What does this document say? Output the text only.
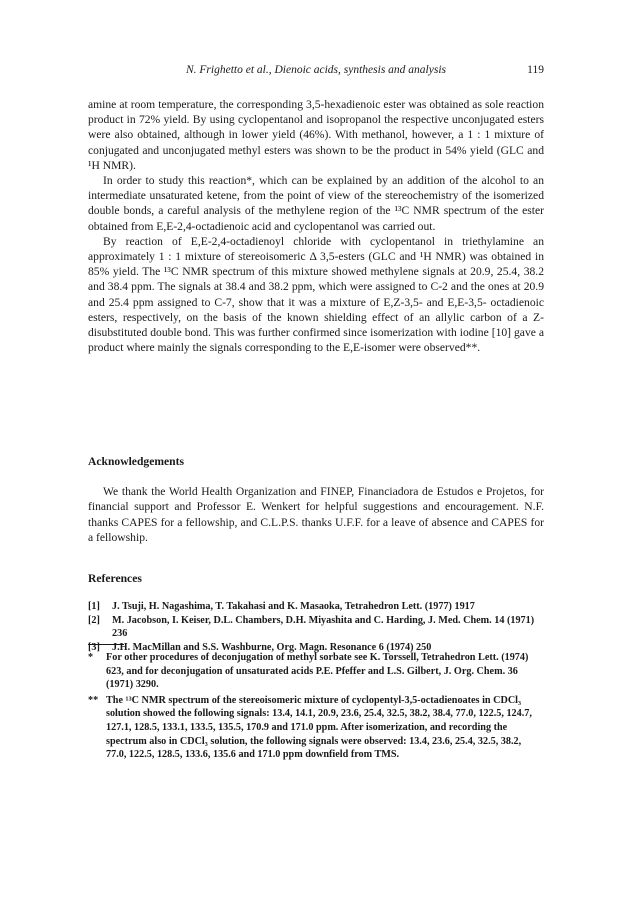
N. Frighetto et al., Dienoic acids, synthesis and analysis	119

amine at room temperature, the corresponding 3,5-hexadienoic ester was obtained as sole reaction product in 72% yield. By using cyclopentanol and isopropanol the respective unconjugated esters were also obtained, although in lower yield (46%). With methanol, however, a 1 : 1 mixture of conjugated and unconjugated methyl esters was shown to be the product in 54% yield (GLC and ¹H NMR).

In order to study this reaction*, which can be explained by an addition of the alcohol to an intermediate unsaturated ketene, from the point of view of the stereochemistry of the isomerized double bonds, a careful analysis of the methylene region of the ¹³C NMR spectrum of the ester obtained from E,E-2,4-octadienoic acid and cyclopentanol was carried out.

By reaction of E,E-2,4-octadienoyl chloride with cyclopentanol in triethylamine an approximately 1 : 1 mixture of stereoisomeric Δ 3,5-esters (GLC and ¹H NMR) was obtained in 85% yield. The ¹³C NMR spectrum of this mixture showed methylene signals at 20.9, 25.4, 38.2 and 38.4 ppm. The signals at 38.4 and 38.2 ppm, which were assigned to C-2 and the ones at 20.9 and 25.4 ppm assigned to C-7, show that it was a mixture of E,Z-3,5- and E,E-3,5- octadienoic esters, respectively, on the basis of the known shielding effect of an allylic carbon of a Z-disubstituted double bond. This was further confirmed since isomerization with iodine [10] gave a product where mainly the signals corresponding to the E,E-isomer were observed**.

Acknowledgements

We thank the World Health Organization and FINEP, Financiadora de Estudos e Projetos, for financial support and Professor E. Wenkert for helpful suggestions and encouragement. N.F. thanks CAPES for a fellowship, and C.L.P.S. thanks U.F.F. for a leave of absence and CAPES for a fellowship.

References
[1]	J. Tsuji, H. Nagashima, T. Takahasi and K. Masaoka, Tetrahedron Lett. (1977) 1917
[2]	M. Jacobson, I. Keiser, D.L. Chambers, D.H. Miyashita and C. Harding, J. Med. Chem. 14 (1971) 236
[3]	J.H. MacMillan and S.S. Washburne, Org. Magn. Resonance 6 (1974) 250

*	For other procedures of deconjugation of methyl sorbate see K. Torssell, Tetrahedron Lett. (1974) 623, and for deconjugation of unsaturated acids P.E. Pfeffer and L.S. Gilbert, J. Org. Chem. 36 (1971) 3290.

** The ¹³C NMR spectrum of the stereoisomeric mixture of cyclopentyl-3,5-octadienoates in CDCl₃ solution showed the following signals: 13.4, 14.1, 20.9, 23.6, 25.4, 32.5, 38.2, 38.4, 77.0, 122.5, 124.7, 127.1, 128.5, 133.1, 133.5, 135.5, 170.9 and 171.0 ppm. After isomerization, and recording the spectrum also in CDCl₃ solution, the following signals were observed: 13.4, 23.6, 25.4, 32.5, 38.2, 77.0, 122.5, 128.5, 133.6, 135.6 and 171.0 ppm downfield from TMS.
